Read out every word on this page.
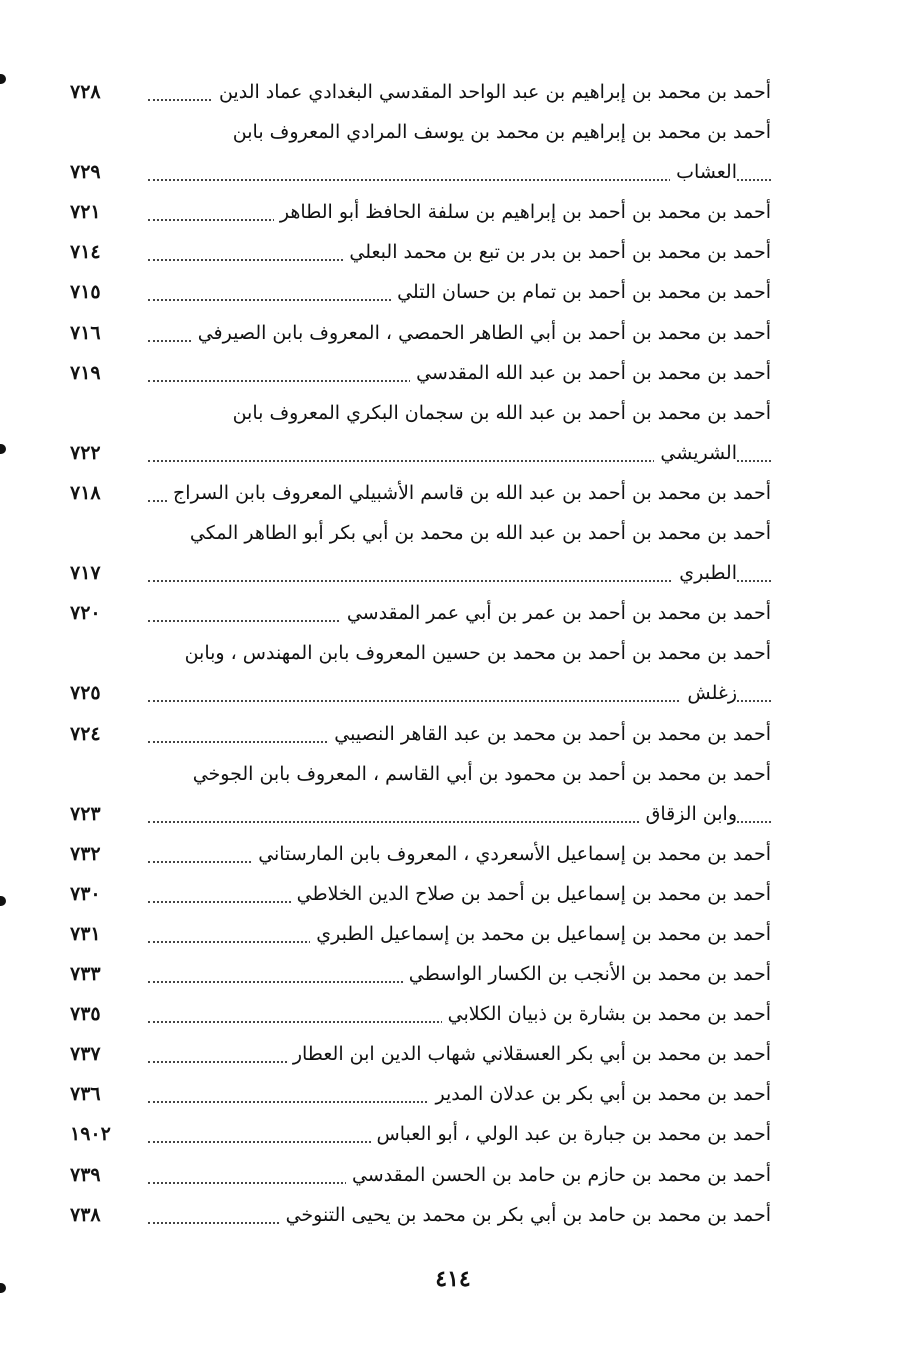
أحمد بن محمد بن إبراهيم بن عبد الواحد المقدسي البغدادي عماد الدين
٧٢٨
أحمد بن محمد بن إبراهيم بن محمد بن يوسف المرادي المعروف بابن
العشاب
٧٢٩
أحمد بن محمد بن أحمد بن إبراهيم بن سلفة الحافظ أبو الطاهر
٧٢١
أحمد بن محمد بن أحمد بن بدر بن تبع بن محمد البعلي
٧١٤
أحمد بن محمد بن أحمد بن تمام بن حسان التلي
٧١٥
أحمد بن محمد بن أحمد بن أبي الطاهر الحمصي ، المعروف بابن الصيرفي
٧١٦
أحمد بن محمد بن أحمد بن عبد الله المقدسي
٧١٩
أحمد بن محمد بن أحمد بن عبد الله بن سجمان البكري المعروف بابن
الشريشي
٧٢٢
أحمد بن محمد بن أحمد بن عبد الله بن قاسم الأشبيلي المعروف بابن السراج
٧١٨
أحمد بن محمد بن أحمد بن عبد الله بن محمد بن أبي بكر أبو الطاهر المكي
الطبري
٧١٧
أحمد بن محمد بن أحمد بن عمر بن أبي عمر المقدسي
٧٢٠
أحمد بن محمد بن أحمد بن محمد بن حسين المعروف بابن المهندس ، وبابن
زغلش
٧٢٥
أحمد بن محمد بن أحمد بن محمد بن عبد القاهر النصيبي
٧٢٤
أحمد بن محمد بن أحمد بن محمود بن أبي القاسم ، المعروف بابن الجوخي
وابن الزقاق
٧٢٣
أحمد بن محمد بن إسماعيل الأسعردي ، المعروف بابن المارستاني
٧٣٢
أحمد بن محمد بن إسماعيل بن أحمد بن صلاح الدين الخلاطي
٧٣٠
أحمد بن محمد بن إسماعيل بن محمد بن إسماعيل الطبري
٧٣١
أحمد بن محمد بن الأنجب بن الكسار الواسطي
٧٣٣
أحمد بن محمد بن بشارة بن ذبيان الكلابي
٧٣٥
أحمد بن محمد بن أبي بكر العسقلاني شهاب الدين ابن العطار
٧٣٧
أحمد بن محمد بن أبي بكر بن عدلان المدير
٧٣٦
أحمد بن محمد بن جبارة بن عبد الولي ، أبو العباس
١٩٠٢
أحمد بن محمد بن حازم بن حامد بن الحسن المقدسي
٧٣٩
أحمد بن محمد بن حامد بن أبي بكر بن محمد بن يحيى التنوخي
٧٣٨
٤١٤
